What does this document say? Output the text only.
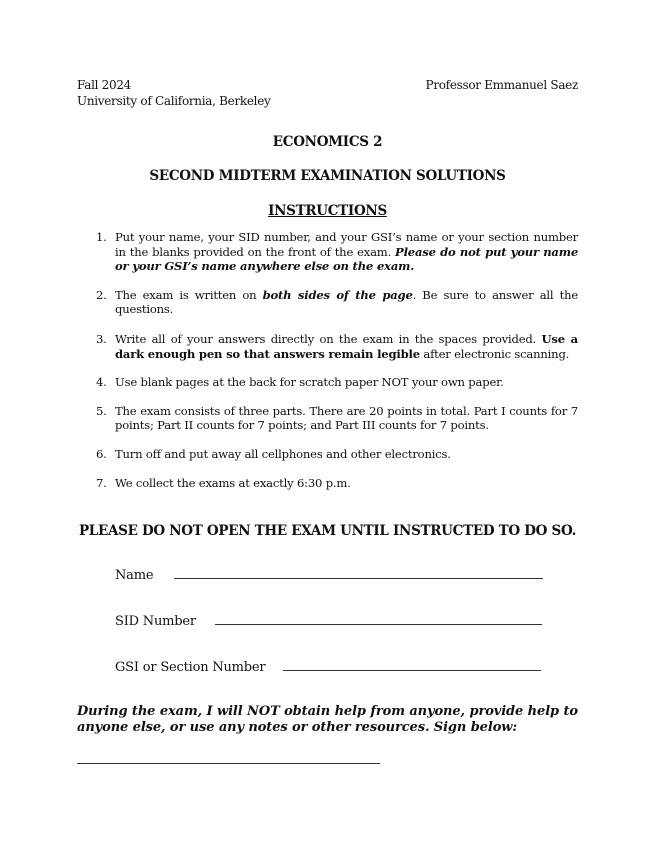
Fall 2024
University of California, Berkeley
Professor Emmanuel Saez
ECONOMICS 2
SECOND MIDTERM EXAMINATION SOLUTIONS
INSTRUCTIONS
1. Put your name, your SID number, and your GSI’s name or your section number in the blanks provided on the front of the exam. Please do not put your name or your GSI’s name anywhere else on the exam.
2. The exam is written on both sides of the page. Be sure to answer all the questions.
3. Write all of your answers directly on the exam in the spaces provided. Use a dark enough pen so that answers remain legible after electronic scanning.
4. Use blank pages at the back for scratch paper NOT your own paper.
5. The exam consists of three parts. There are 20 points in total. Part I counts for 7 points; Part II counts for 7 points; and Part III counts for 7 points.
6. Turn off and put away all cellphones and other electronics.
7. We collect the exams at exactly 6:30 p.m.
PLEASE DO NOT OPEN THE EXAM UNTIL INSTRUCTED TO DO SO.
Name
SID Number
GSI or Section Number
During the exam, I will NOT obtain help from anyone, provide help to anyone else, or use any notes or other resources. Sign below:
